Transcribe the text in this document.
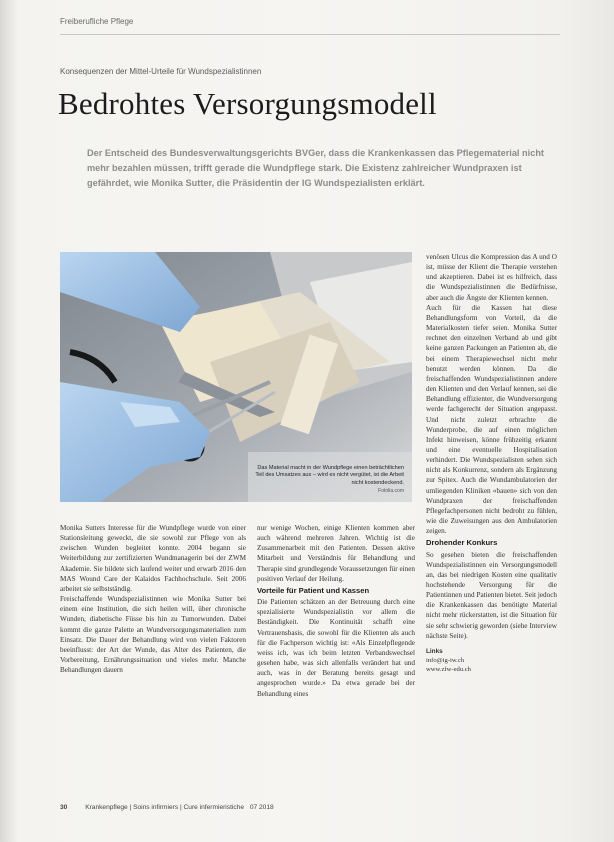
Freiberufliche Pflege
Konsequenzen der Mittel-Urteile für Wundspezialistinnen
Bedrohtes Versorgungsmodell

Der Entscheid des Bundesverwaltungsgerichts BVGer, dass die Krankenkassen das Pflegematerial nicht mehr bezahlen müssen, trifft gerade die Wundpflege stark. Die Existenz zahlreicher Wundpraxen ist gefährdet, wie Monika Sutter, die Präsidentin der IG Wundspezialisten erklärt.

Das Material macht in der Wundpflege einen beträchtlichen Teil des Umsatzes aus – wird es nicht vergütet, ist die Arbeit nicht kostendeckend.
Fotolia.com

Monika Sutters Interesse für die Wundpflege wurde von einer Stationsleitung geweckt, die sie sowohl zur Pflege von als zwischen Wunden begleitet konnte. 2004 begann sie Weiterbildung zur zertifizierten Wundmanagerin bei der ZWM Akademie. Sie bildete sich laufend weiter und erwarb 2016 den MAS Wound Care der Kalaidos Fachhochschule. Seit 2006 arbeitet sie selbstständig.

Freischaffende Wundspezialistinnen wie Monika Sutter bei einem eine Institution, die sich heilen will, über chronische Wunden, diabetische Füsse bis hin zu Tumorwunden. Dabei kommt die ganze Palette an Wundversorgungsmaterialien zum Einsatz. Die Dauer der Behandlung wird von vielen Faktoren beeinflusst: der Art der Wunde, das Alter des Patienten, die Vorbereitung, Ernährungssituation und vieles mehr. Manche Behandlungen dauern

nur wenige Wochen, einige Klienten kommen aber auch während mehreren Jahren. Wichtig ist die Zusammenarbeit mit den Patienten. Dessen aktive Mitarbeit und Verständnis für Behandlung und Therapie sind grundlegende Voraussetzungen für einen positiven Verlauf der Heilung.

Vorteile für Patient und Kassen

Die Patienten schätzen an der Betreuung durch eine spezialisierte Wundspezialistin vor allem die Beständigkeit. Die Kontinuität schafft eine Vertrauensbasis, die sowohl für die Klienten als auch für die Fachperson wichtig ist: «Als Einzelpflegende weiss ich, was ich beim letzten Verbandswechsel gesehen habe, was sich allenfalls verändert hat und auch, was in der Beratung bereits gesagt und angesprochen wurde.» Da etwa gerade bei der Behandlung eines

venösen Ulcus die Kompression das A und O ist, müsse der Klient die Therapie verstehen und akzeptieren. Dabei ist es hilfreich, dass die Wundspezialistinnen die Bedürfnisse, aber auch die Ängste der Klienten kennen.

Auch für die Kassen hat diese Behandlungsform von Vorteil, da die Materialkosten tiefer seien. Monika Sutter rechnet den einzelnen Verband ab und gibt keine ganzen Packungen an Patienten ab, die bei einem Therapiewechsel nicht mehr benutzt werden können. Da die freischaffenden Wundspezialistinnen andere den Klienten und den Verlauf kennen, sei die Behandlung effizienter, die Wundversorgung werde fachgerecht der Situation angepasst. Und nicht zuletzt erbrachte die Wunderprobe, die auf einen möglichen Infekt hinweisen, könne frühzeitig erkannt und eine eventuelle Hospitalisation verhindert. Die Wundspezialisten sehen sich nicht als Konkurrenz, sondern als Ergänzung zur Spitex. Auch die Wundambulatorien der umliegenden Kliniken «bauen» sich von den Wundpraxen der freischaffenden Pflegefachpersonen nicht bedroht zu fühlen, wie die Zuweisungen aus den Ambulatorien zeigen.

Drohender Konkurs

So gesehen bieten die freischaffenden Wundspezialistinnen ein Versorgungsmodell an, das bei niedrigen Kosten eine qualitativ hochstehende Versorgung für die Patientinnen und Patienten bietet. Seit jedoch die Krankenkassen das benötigte Material nicht mehr rückerstatten, ist die Situation für sie sehr schwierig geworden (siehe Interview nächste Seite).

Links

info@ig-iw.ch
www.zfw-edu.ch

30	Krankenpflege | Soins infirmiers | Cure infermieristiche 07 2018
